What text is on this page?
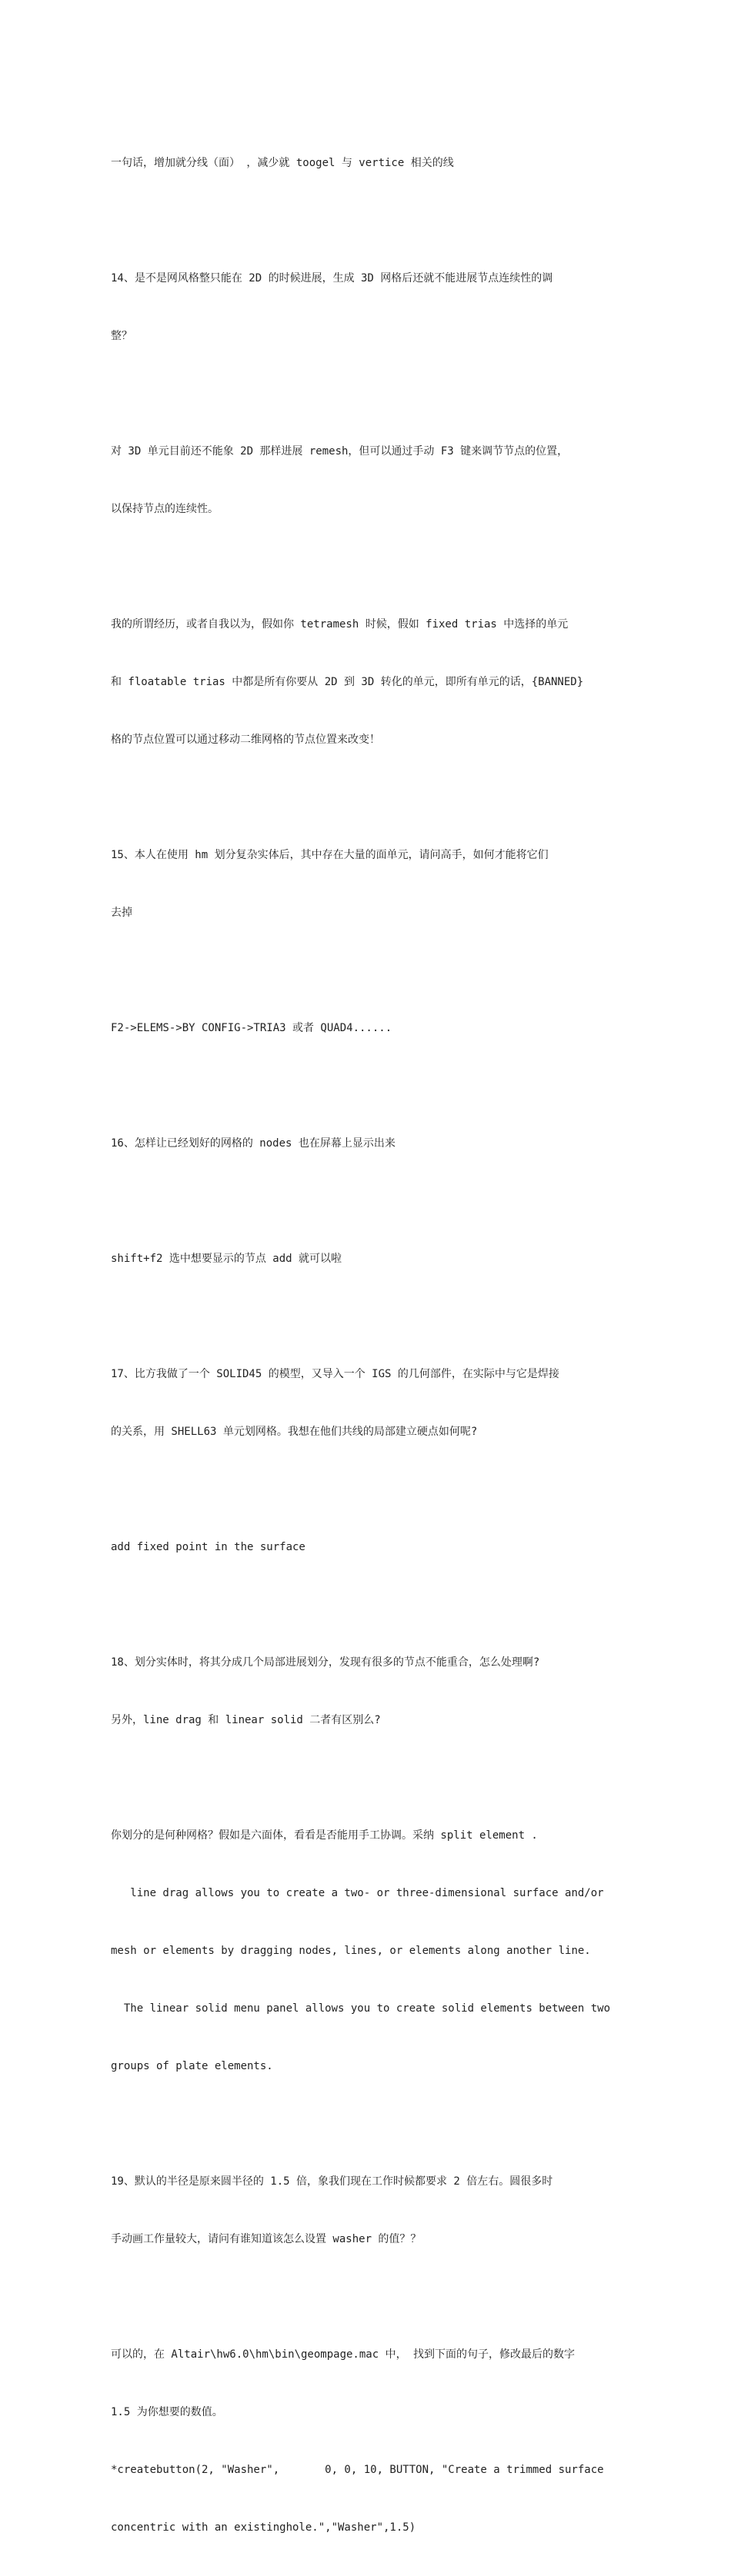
一句话，增加就分线（面） ，减少就 toogel 与 vertice 相关的线

14、是不是网风格整只能在 2D 的时候进展，生成 3D 网格后还就不能进展节点连续性的调

整？

对 3D 单元目前还不能象 2D 那样进展 remesh，但可以通过手动 F3 键来调节节点的位置，

以保持节点的连续性。

我的所谓经历，或者自我以为，假如你 tetramesh 时候，假如 fixed trias 中选择的单元

和 floatable trias 中都是所有你要从 2D 到 3D 转化的单元，即所有单元的话，{BANNED}

格的节点位置可以通过移动二维网格的节点位置来改变！

15、本人在使用 hm 划分复杂实体后，其中存在大量的面单元，请问高手，如何才能将它们

去掉

F2->ELEMS->BY CONFIG->TRIA3 或者 QUAD4......

16、怎样让已经划好的网格的 nodes 也在屏幕上显示出来

shift+f2 选中想要显示的节点 add 就可以啦

17、比方我做了一个 SOLID45 的模型，又导入一个 IGS 的几何部件，在实际中与它是焊接

的关系，用 SHELL63 单元划网格。我想在他们共线的局部建立硬点如何呢?

add fixed point in the surface

18、划分实体时，将其分成几个局部进展划分，发现有很多的节点不能重合，怎么处理啊?

另外，line drag 和 linear solid 二者有区别么?

你划分的是何种网格？假如是六面体，看看是否能用手工协调。采纳 split element .

line drag allows you to create a two- or three-dimensional surface and/or

mesh or elements by dragging nodes, lines, or elements along another line.

The linear solid menu panel allows you to create solid elements between two

groups of plate elements.

19、默认的半径是原来圆半径的 1.5 倍，象我们现在工作时候都要求 2 倍左右。圆很多时

手动画工作量较大，请问有谁知道该怎么设置 washer 的值？？

可以的，在 Altair\hw6.0\hm\bin\geompage.mac 中， 找到下面的句子，修改最后的数字

1.5 为你想要的数值。

*createbutton(2, "Washer",       0, 0, 10, BUTTON, "Create a trimmed surface

concentric with an existinghole.","Washer",1.5)
